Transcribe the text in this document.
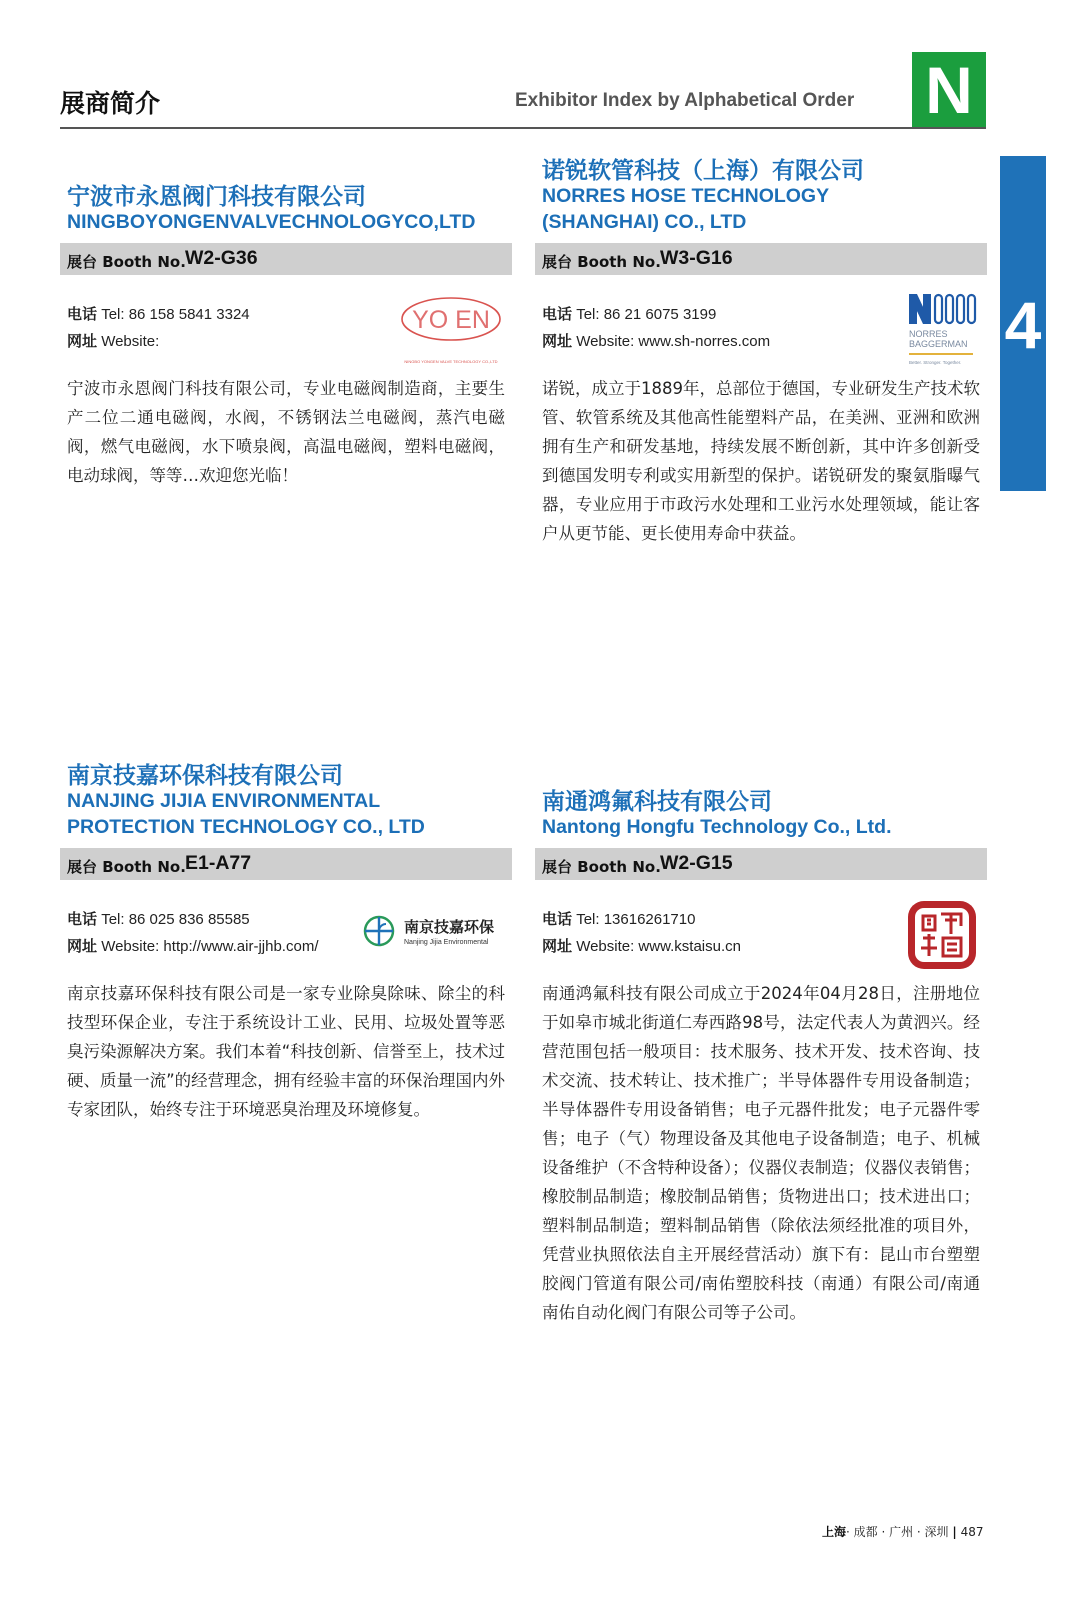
展商简介	Exhibitor Index by Alphabetical Order N
4
宁波市永恩阀门科技有限公司
NINGBOYONGENVALVECHNOLOGYCO,LTD
展台 Booth No. W2-G36
电话 Tel: 86 158 5841 3324
网址 Website:
YO EN
NINGBO YONGEN VALVE TECHNOLOGY CO.,LTD
宁波市永恩阀门科技有限公司，专业电磁阀制造商，主要生产二位二通电磁阀，水阀，不锈钢法兰电磁阀，蒸汽电磁阀，燃气电磁阀，水下喷泉阀，高温电磁阀，塑料电磁阀，电动球阀，等等…欢迎您光临！
诺锐软管科技（上海）有限公司
NORRES HOSE TECHNOLOGY
(SHANGHAI) CO., LTD
展台 Booth No. W3-G16
电话 Tel: 86 21 6075 3199
网址 Website: www.sh-norres.com	NORRES
BAGGERMAN
Better. Stronger. Together.
诺锐，成立于1889年，总部位于德国，专业研发生产技术软管、软管系统及其他高性能塑料产品，在美洲、亚洲和欧洲拥有生产和研发基地，持续发展不断创新，其中许多创新受到德国发明专利或实用新型的保护。诺锐研发的聚氨脂曝气器，专业应用于市政污水处理和工业污水处理领域，能让客户从更节能、更长使用寿命中获益。
南京技嘉环保科技有限公司
NANJING JIJIA ENVIRONMENTAL
PROTECTION TECHNOLOGY CO., LTD
展台 Booth No. E1-A77
电话 Tel: 86 025 836 85585
网址 Website: http://www.air-jjhb.com/
南京技嘉环保
Nanjing Jijia Environmental
南京技嘉环保科技有限公司是一家专业除臭除味、除尘的科技型环保企业，专注于系统设计工业、民用、垃圾处置等恶臭污染源解决方案。我们本着“科技创新、信誉至上，技术过硬、质量一流”的经营理念，拥有经验丰富的环保治理国内外专家团队，始终专注于环境恶臭治理及环境修复。
南通鸿氟科技有限公司
Nantong Hongfu Technology Co., Ltd.
展台 Booth No. W2-G15
电话 Tel: 13616261710
网址 Website: www.kstaisu.cn
南通鸿氟科技有限公司成立于2024年04月28日，注册地位于如皋市城北街道仁寿西路98号，法定代表人为黄泗兴。经营范围包括一般项目：技术服务、技术开发、技术咨询、技术交流、技术转让、技术推广；半导体器件专用设备制造；半导体器件专用设备销售；电子元器件批发；电子元器件零售；电子（气）物理设备及其他电子设备制造；电子、机械设备维护（不含特种设备）；仪器仪表制造；仪器仪表销售；橡胶制品制造；橡胶制品销售；货物进出口；技术进出口；塑料制品制造；塑料制品销售（除依法须经批准的项目外，凭营业执照依法自主开展经营活动）旗下有：昆山市台塑塑胶阀门管道有限公司/南佑塑胶科技（南通）有限公司/南通南佑自动化阀门有限公司等子公司。
上海· 成都 · 广州 · 深圳 | 487
